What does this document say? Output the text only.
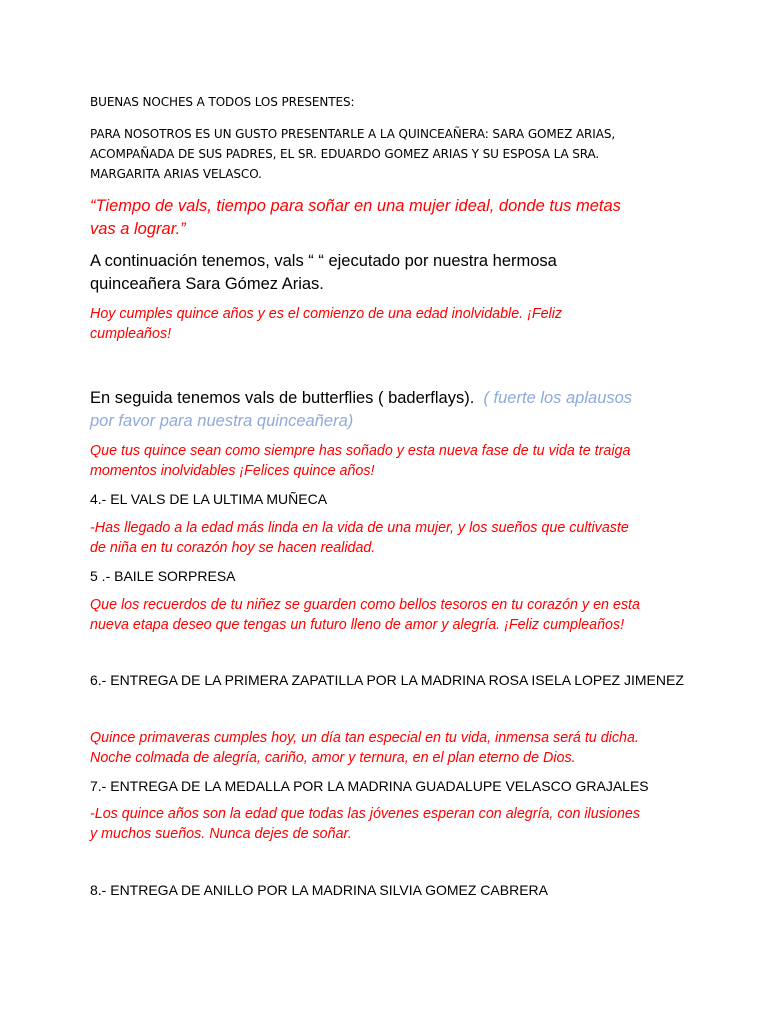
BUENAS NOCHES A TODOS LOS PRESENTES:

PARA NOSOTROS ES UN GUSTO PRESENTARLE A LA QUINCEAÑERA: SARA GOMEZ ARIAS,
ACOMPAÑADA DE SUS PADRES, EL SR. EDUARDO GOMEZ ARIAS Y SU ESPOSA LA SRA.
MARGARITA ARIAS VELASCO.

“Tiempo de vals, tiempo para soñar en una mujer ideal, donde tus metas
vas a lograr.”

A continuación tenemos, vals “ “ ejecutado por nuestra hermosa
quinceañera Sara Gómez Arias.

Hoy cumples quince años y es el comienzo de una edad inolvidable. ¡Feliz
cumpleaños!

En seguida tenemos vals de butterflies ( baderflays). ( fuerte los aplausos
por favor para nuestra quinceañera)

Que tus quince sean como siempre has soñado y esta nueva fase de tu vida te traiga
momentos inolvidables ¡Felices quince años!

4.- EL VALS DE LA ULTIMA MUÑECA

-Has llegado a la edad más linda en la vida de una mujer, y los sueños que cultivaste
de niña en tu corazón hoy se hacen realidad.

5 .- BAILE SORPRESA

Que los recuerdos de tu niñez se guarden como bellos tesoros en tu corazón y en esta
nueva etapa deseo que tengas un futuro lleno de amor y alegría. ¡Feliz cumpleaños!

6.- ENTREGA DE LA PRIMERA ZAPATILLA POR LA MADRINA ROSA ISELA LOPEZ JIMENEZ

Quince primaveras cumples hoy, un día tan especial en tu vida, inmensa será tu dicha.
Noche colmada de alegría, cariño, amor y ternura, en el plan eterno de Dios.

7.- ENTREGA DE LA MEDALLA POR LA MADRINA GUADALUPE VELASCO GRAJALES

-Los quince años son la edad que todas las jóvenes esperan con alegría, con ilusiones
y muchos sueños. Nunca dejes de soñar.

8.- ENTREGA DE ANILLO POR LA MADRINA SILVIA GOMEZ CABRERA
